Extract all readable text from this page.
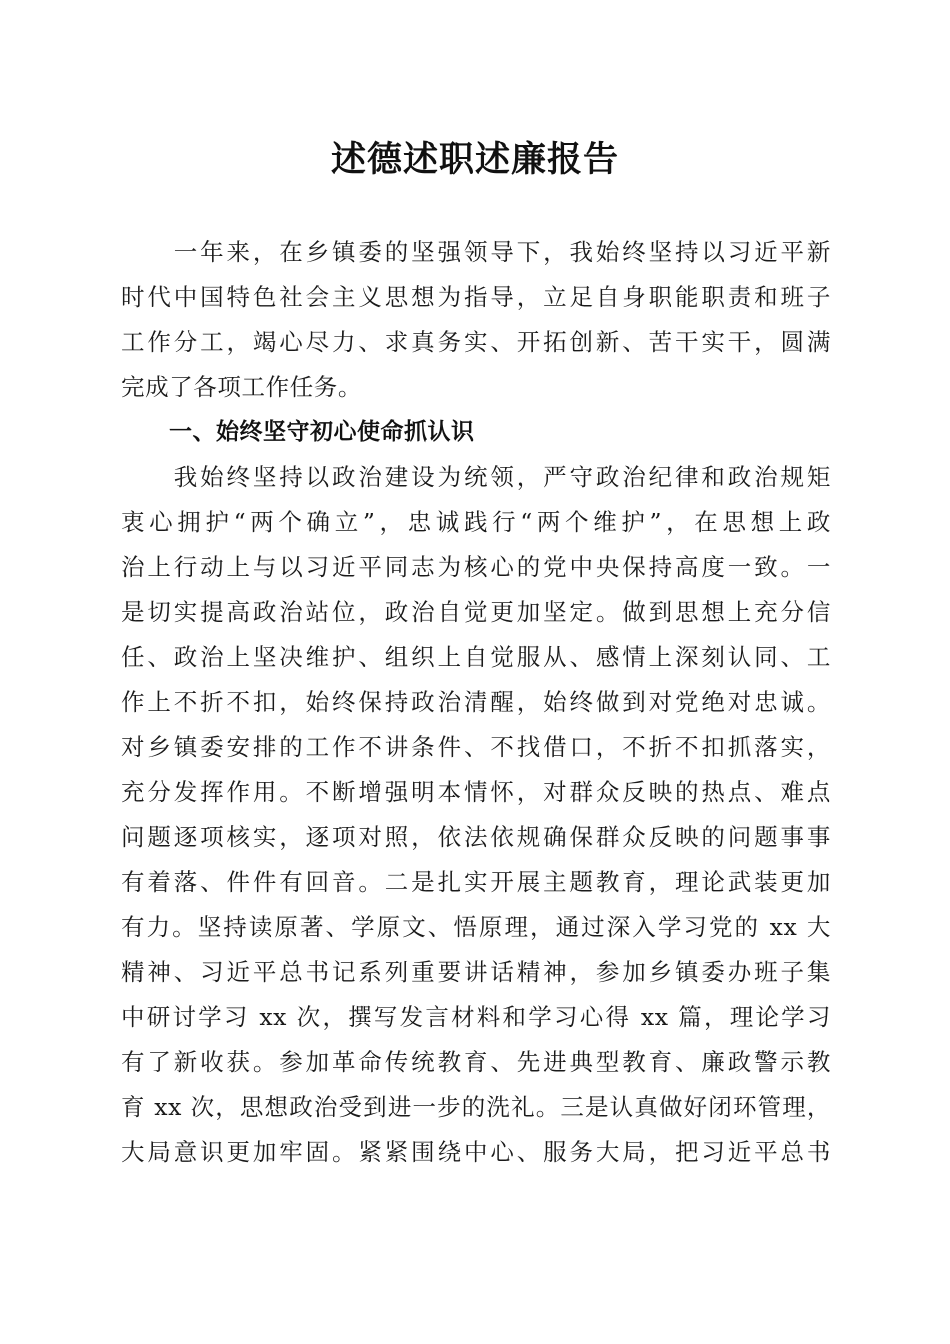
述德述职述廉报告
　　一年来，在乡镇委的坚强领导下，我始终坚持以习近平新
时代中国特色社会主义思想为指导，立足自身职能职责和班子
工作分工，竭心尽力、求真务实、开拓创新、苦干实干，圆满
完成了各项工作任务。
一、始终坚守初心使命抓认识
　　我始终坚持以政治建设为统领，严守政治纪律和政治规矩
衷心拥护“两个确立”，忠诚践行“两个维护”，在思想上政
治上行动上与以习近平同志为核心的党中央保持高度一致。一
是切实提高政治站位，政治自觉更加坚定。做到思想上充分信
任、政治上坚决维护、组织上自觉服从、感情上深刻认同、工
作上不折不扣，始终保持政治清醒，始终做到对党绝对忠诚。
对乡镇委安排的工作不讲条件、不找借口，不折不扣抓落实，
充分发挥作用。不断增强明本情怀，对群众反映的热点、难点
问题逐项核实，逐项对照，依法依规确保群众反映的问题事事
有着落、件件有回音。二是扎实开展主题教育，理论武装更加
有力。坚持读原著、学原文、悟原理，通过深入学习党的 xx 大
精神、习近平总书记系列重要讲话精神，参加乡镇委办班子集
中研讨学习 xx 次，撰写发言材料和学习心得 xx 篇，理论学习
有了新收获。参加革命传统教育、先进典型教育、廉政警示教
育 xx 次，思想政治受到进一步的洗礼。三是认真做好闭环管理，
大局意识更加牢固。紧紧围绕中心、服务大局，把习近平总书
